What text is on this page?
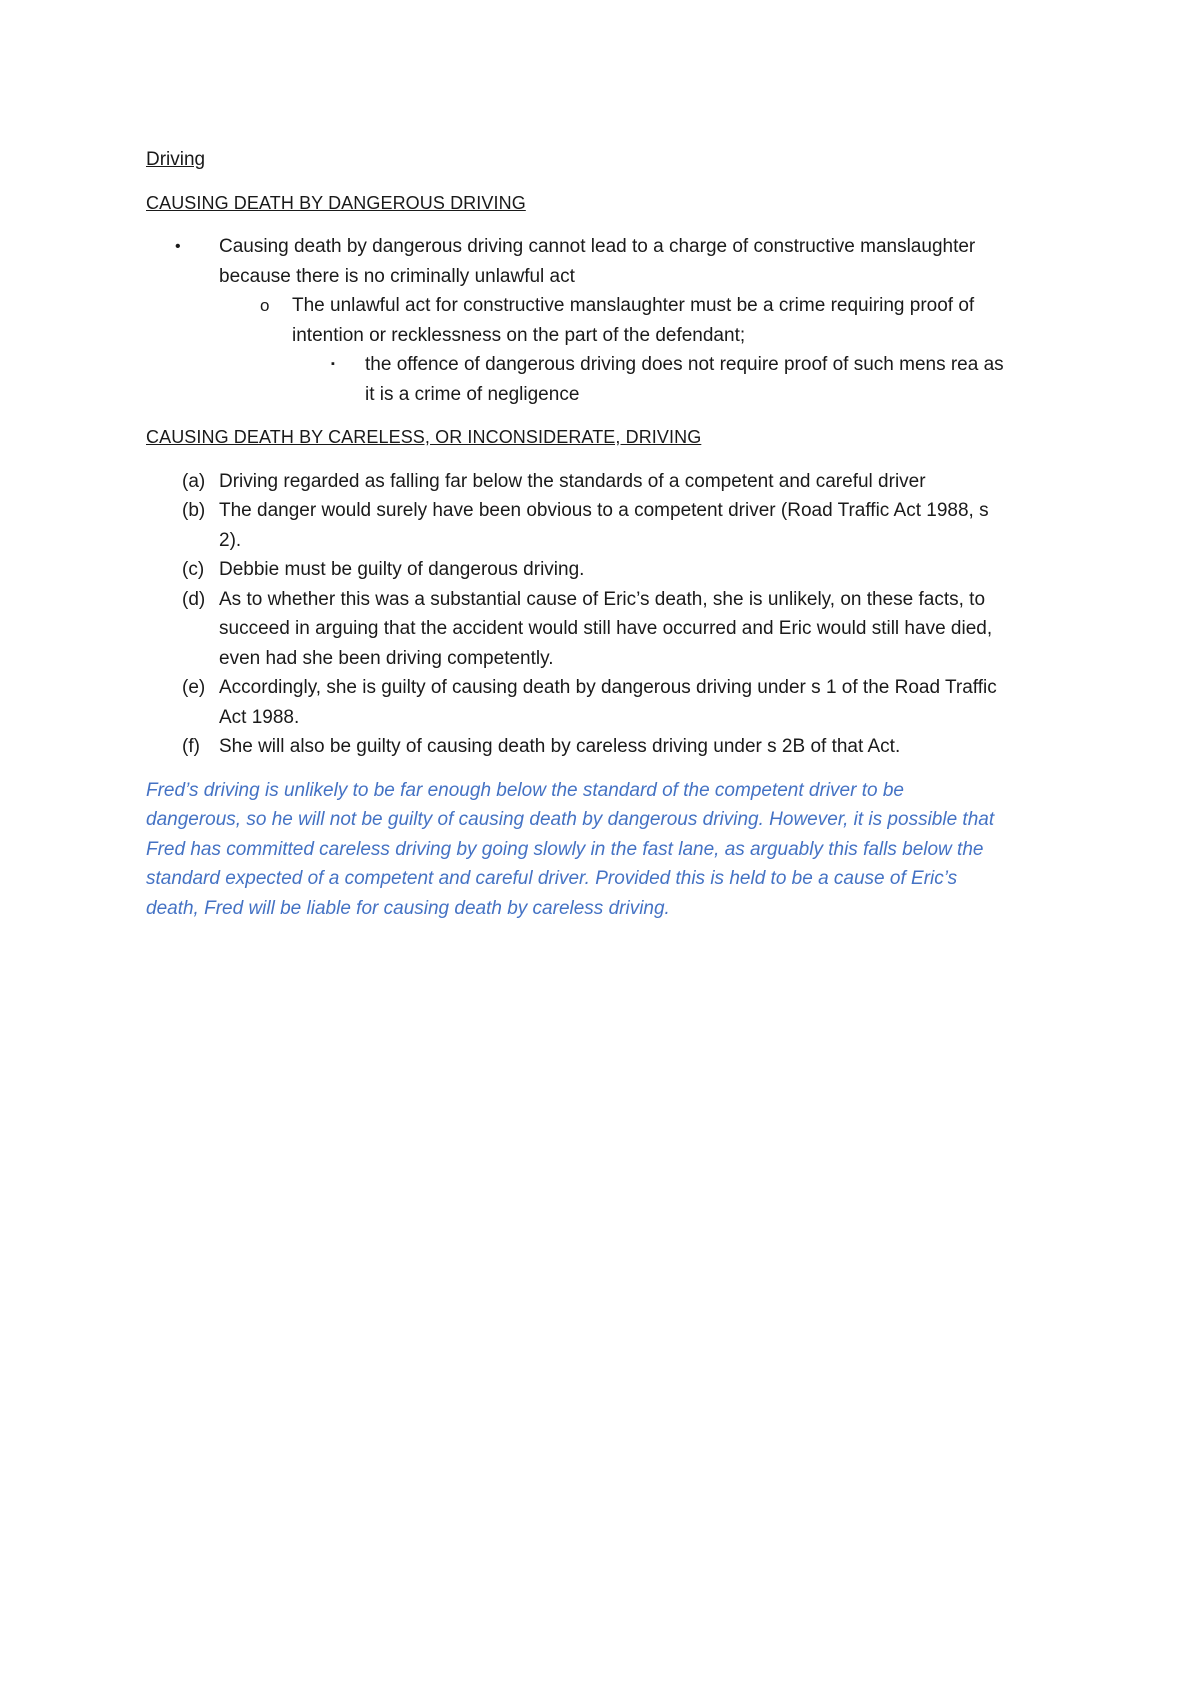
Driving

CAUSING DEATH BY DANGEROUS DRIVING

• Causing death by dangerous driving cannot lead to a charge of constructive manslaughter
because there is no criminally unlawful act
o The unlawful act for constructive manslaughter must be a crime requiring proof of
intention or recklessness on the part of the defendant;
▪ the offence of dangerous driving does not require proof of such mens rea as
it is a crime of negligence

CAUSING DEATH BY CARELESS, OR INCONSIDERATE, DRIVING

(a) Driving regarded as falling far below the standards of a competent and careful driver
(b) The danger would surely have been obvious to a competent driver (Road Traffic Act 1988, s
2).
(c) Debbie must be guilty of dangerous driving.
(d) As to whether this was a substantial cause of Eric’s death, she is unlikely, on these facts, to
succeed in arguing that the accident would still have occurred and Eric would still have died,
even had she been driving competently.
(e) Accordingly, she is guilty of causing death by dangerous driving under s 1 of the Road Traffic
Act 1988.
(f) She will also be guilty of causing death by careless driving under s 2B of that Act.

Fred’s driving is unlikely to be far enough below the standard of the competent driver to be
dangerous, so he will not be guilty of causing death by dangerous driving. However, it is possible that
Fred has committed careless driving by going slowly in the fast lane, as arguably this falls below the
standard expected of a competent and careful driver. Provided this is held to be a cause of Eric’s
death, Fred will be liable for causing death by careless driving.
